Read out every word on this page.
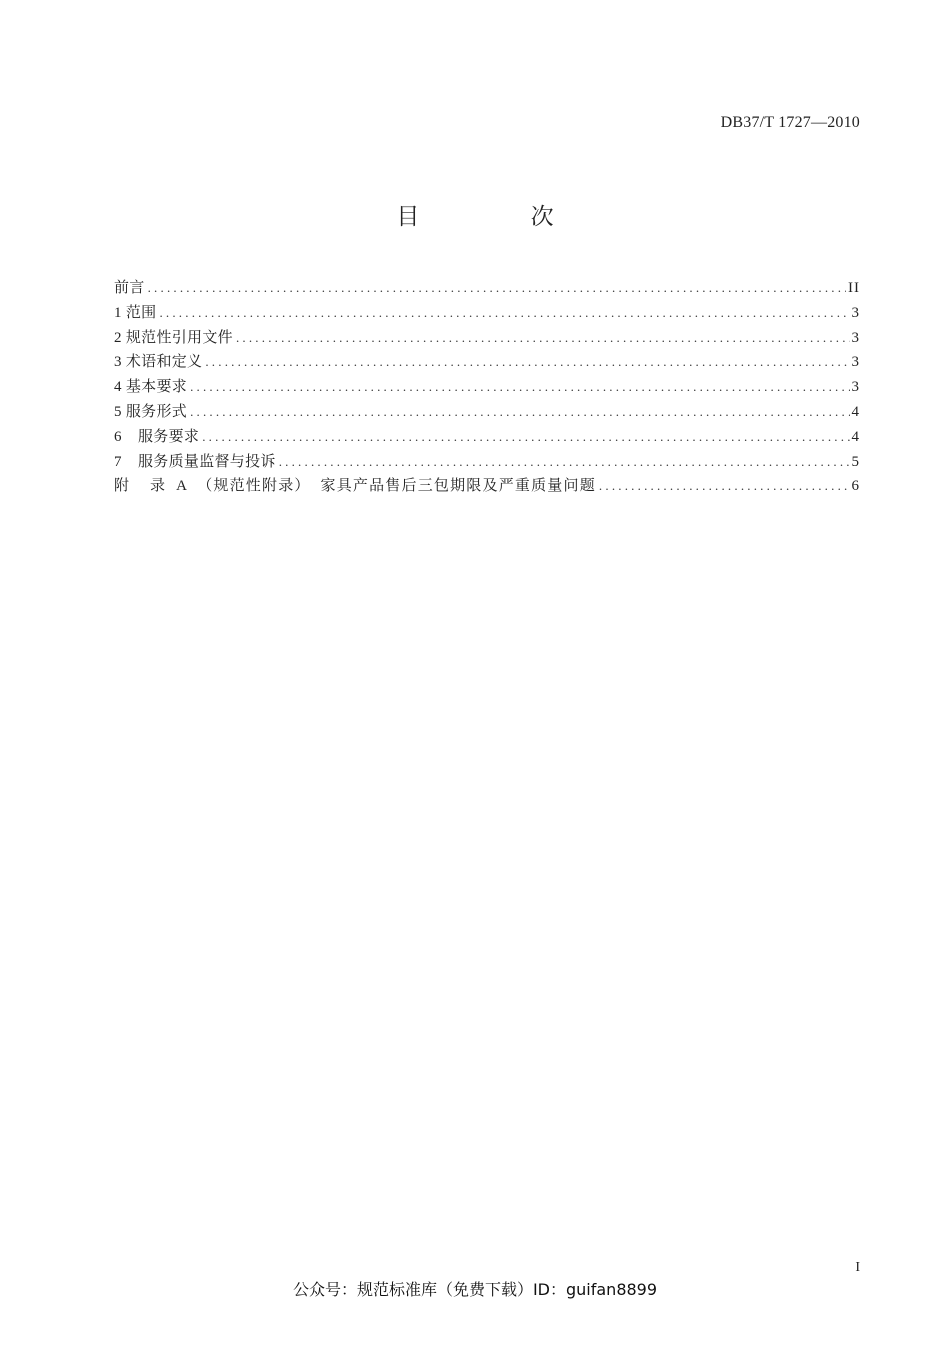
DB37/T 1727—2010
目 次
前言 .....	II
1 范围 .....	3
2 规范性引用文件 .....	3
3 术语和定义 .....	3
4 基本要求 .....	3
5 服务形式 .....	4
6    服务要求 .....	4
7    服务质量监督与投诉 .....	5
附    录  A  （规范性附录）  家具产品售后三包期限及严重质量问题 .....	6
I
公众号：规范标准库（免费下载）ID：guifan8899
